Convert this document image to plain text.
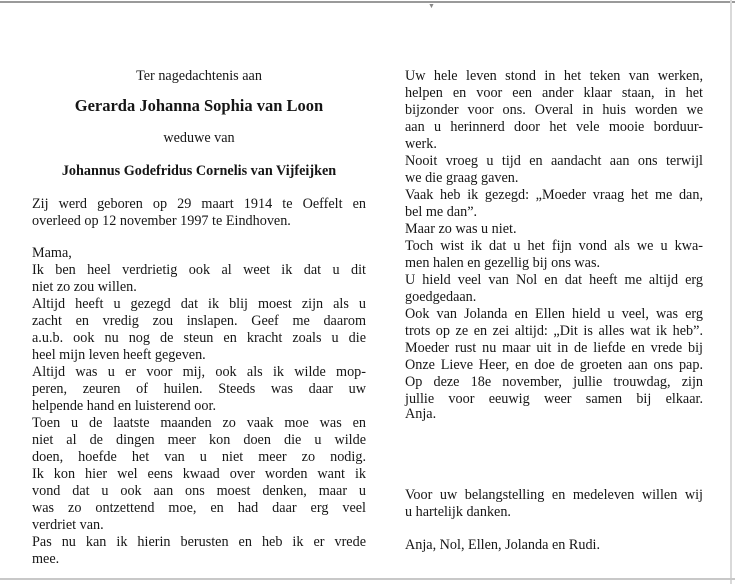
▼
Ter nagedachtenis aan
Gerarda Johanna Sophia van Loon
weduwe van
Johannus Godefridus Cornelis van Vijfeijken
Zij werd geboren op 29 maart 1914 te Oeffelt en
overleed op 12 november 1997 te Eindhoven.
Mama,
Ik ben heel verdrietig ook al weet ik dat u dit
niet zo zou willen.
Altijd heeft u gezegd dat ik blij moest zijn als u
zacht en vredig zou inslapen. Geef me daarom
a.u.b. ook nu nog de steun en kracht zoals u die
heel mijn leven heeft gegeven.
Altijd was u er voor mij, ook als ik wilde mop-
peren, zeuren of huilen. Steeds was daar uw
helpende hand en luisterend oor.
Toen u de laatste maanden zo vaak moe was en
niet al de dingen meer kon doen die u wilde
doen, hoefde het van u niet meer zo nodig.
Ik kon hier wel eens kwaad over worden want ik
vond dat u ook aan ons moest denken, maar u
was zo ontzettend moe, en had daar erg veel
verdriet van.
Pas nu kan ik hierin berusten en heb ik er vrede
mee.
Uw hele leven stond in het teken van werken,
helpen en voor een ander klaar staan, in het
bijzonder voor ons. Overal in huis worden we
aan u herinnerd door het vele mooie borduur-
werk.
Nooit vroeg u tijd en aandacht aan ons terwijl
we die graag gaven.
Vaak heb ik gezegd: „Moeder vraag het me dan,
bel me dan”.
Maar zo was u niet.
Toch wist ik dat u het fijn vond als we u kwa-
men halen en gezellig bij ons was.
U hield veel van Nol en dat heeft me altijd erg
goedgedaan.
Ook van Jolanda en Ellen hield u veel, was erg
trots op ze en zei altijd: „Dit is alles wat ik heb”.
Moeder rust nu maar uit in de liefde en vrede bij
Onze Lieve Heer, en doe de groeten aan ons pap.
Op deze 18e november, jullie trouwdag, zijn
jullie voor eeuwig weer samen bij elkaar.
Anja.
Voor uw belangstelling en medeleven willen wij
u hartelijk danken.
Anja, Nol, Ellen, Jolanda en Rudi.
